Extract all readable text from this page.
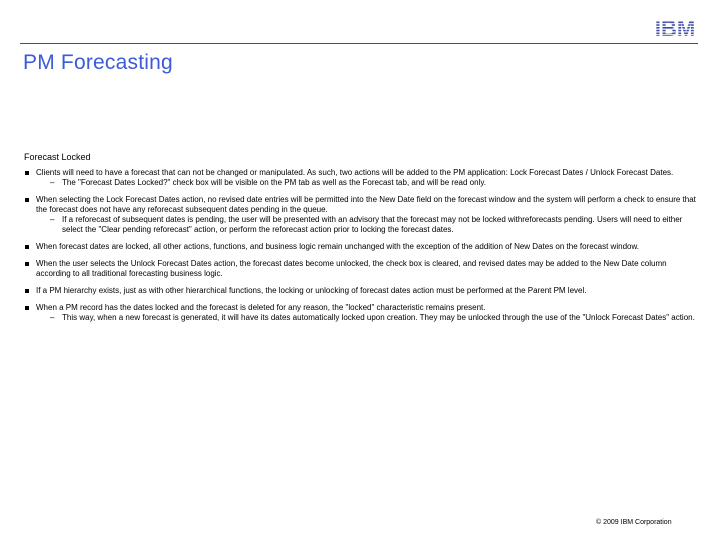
IBM
PM Forecasting
Forecast Locked
Clients will need to have a forecast that can not be changed or manipulated. As such, two actions will be added to the PM application: Lock Forecast Dates / Unlock Forecast Dates.
– The "Forecast Dates Locked?" check box will be visible on the PM tab as well as the Forecast tab, and will be read only.
When selecting the Lock Forecast Dates action, no revised date entries will be permitted into the New Date field on the forecast window and the system will perform a check to ensure that the forecast does not have any reforecast subsequent dates pending in the queue.
– If a reforecast of subsequent dates is pending, the user will be presented with an advisory that the forecast may not be locked withreforecasts pending. Users will need to either select the "Clear pending reforecast" action, or perform the reforecast action prior to locking the forecast dates.
When forecast dates are locked, all other actions, functions, and business logic remain unchanged with the exception of the addition of New Dates on the forecast window.
When the user selects the Unlock Forecast Dates action, the forecast dates become unlocked, the check box is cleared, and revised dates may be added to the New Date column according to all traditional forecasting business logic.
If a PM hierarchy exists, just as with other hierarchical functions, the locking or unlocking of forecast dates action must be performed at the Parent PM level.
When a PM record has the dates locked and the forecast is deleted for any reason, the "locked" characteristic remains present.
– This way, when a new forecast is generated, it will have its dates automatically locked upon creation. They may be unlocked through the use of the "Unlock Forecast Dates" action.
© 2009 IBM Corporation
